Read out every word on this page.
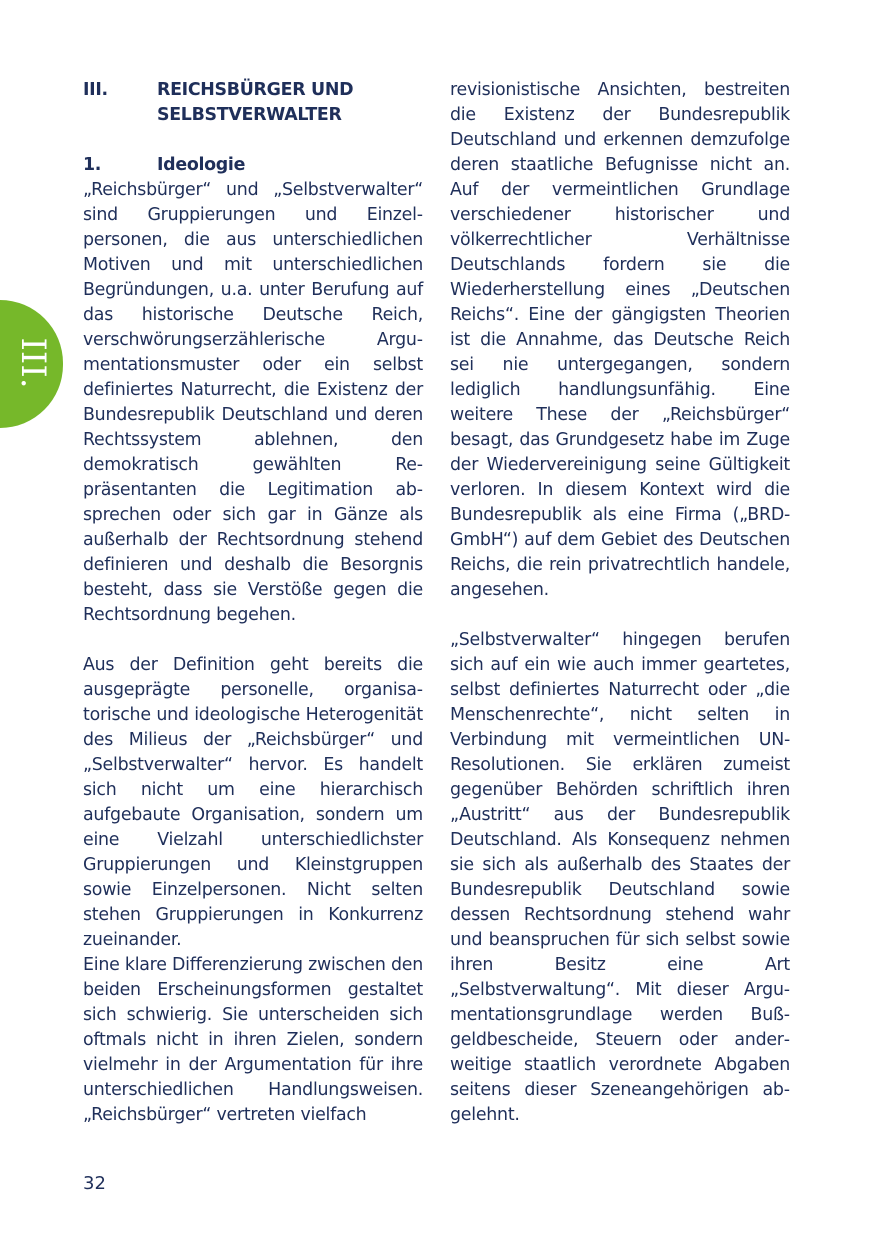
III.
III.	REICHSBÜRGER UND
SELBSTVERWALTER
1.	Ideologie

„Reichsbürger“ und „Selbstverwalter“ sind Gruppierungen und Einzelpersonen, die aus unterschiedlichen Motiven und mit unterschiedlichen Begründungen, u.a. unter Berufung auf das historische Deutsche Reich, verschwörungserzählerische Argumentationsmuster oder ein selbst definiertes Naturrecht, die Existenz der Bundesrepublik Deutschland und deren Rechtssystem ablehnen, den demokratisch gewählten Repräsentanten die Legitimation absprechen oder sich gar in Gänze als außerhalb der Rechtsordnung stehend definieren und deshalb die Besorgnis besteht, dass sie Verstöße gegen die Rechtsordnung begehen.

Aus der Definition geht bereits die ausgeprägte personelle, organisatorische und ideologische Heterogenität des Milieus der „Reichsbürger“ und „Selbstverwalter“ hervor. Es handelt sich nicht um eine hierarchisch aufgebaute Organisation, sondern um eine Vielzahl unterschiedlichster Gruppierungen und Kleinstgruppen sowie Einzelpersonen. Nicht selten stehen Gruppierungen in Konkurrenz zueinander.

Eine klare Differenzierung zwischen den beiden Erscheinungsformen gestaltet sich schwierig. Sie unterscheiden sich oftmals nicht in ihren Zielen, sondern vielmehr in der Argumentation für ihre unterschiedlichen Handlungsweisen. „Reichsbürger“ vertreten vielfach

revisionistische Ansichten, bestreiten die Existenz der Bundesrepublik Deutschland und erkennen demzufolge deren staatliche Befugnisse nicht an. Auf der vermeintlichen Grundlage verschiedener historischer und völkerrechtlicher Verhältnisse Deutschlands fordern sie die Wiederherstellung eines „Deutschen Reichs“. Eine der gängigsten Theorien ist die Annahme, das Deutsche Reich sei nie untergegangen, sondern lediglich handlungsunfähig. Eine weitere These der „Reichsbürger“ besagt, das Grundgesetz habe im Zuge der Wiedervereinigung seine Gültigkeit verloren. In diesem Kontext wird die Bundesrepublik als eine Firma („BRD-GmbH“) auf dem Gebiet des Deutschen Reichs, die rein privatrechtlich handele, angesehen.

„Selbstverwalter“ hingegen berufen sich auf ein wie auch immer geartetes, selbst definiertes Naturrecht oder „die Menschenrechte“, nicht selten in Verbindung mit vermeintlichen UN-Resolutionen. Sie erklären zumeist gegenüber Behörden schriftlich ihren „Austritt“ aus der Bundesrepublik Deutschland. Als Konsequenz nehmen sie sich als außerhalb des Staates der Bundesrepublik Deutschland sowie dessen Rechtsordnung stehend wahr und beanspruchen für sich selbst sowie ihren Besitz eine Art „Selbstverwaltung“. Mit dieser Argumentationsgrundlage werden Bußgeldbescheide, Steuern oder anderweitige staatlich verordnete Abgaben seitens dieser Szeneangehörigen abgelehnt.

32
